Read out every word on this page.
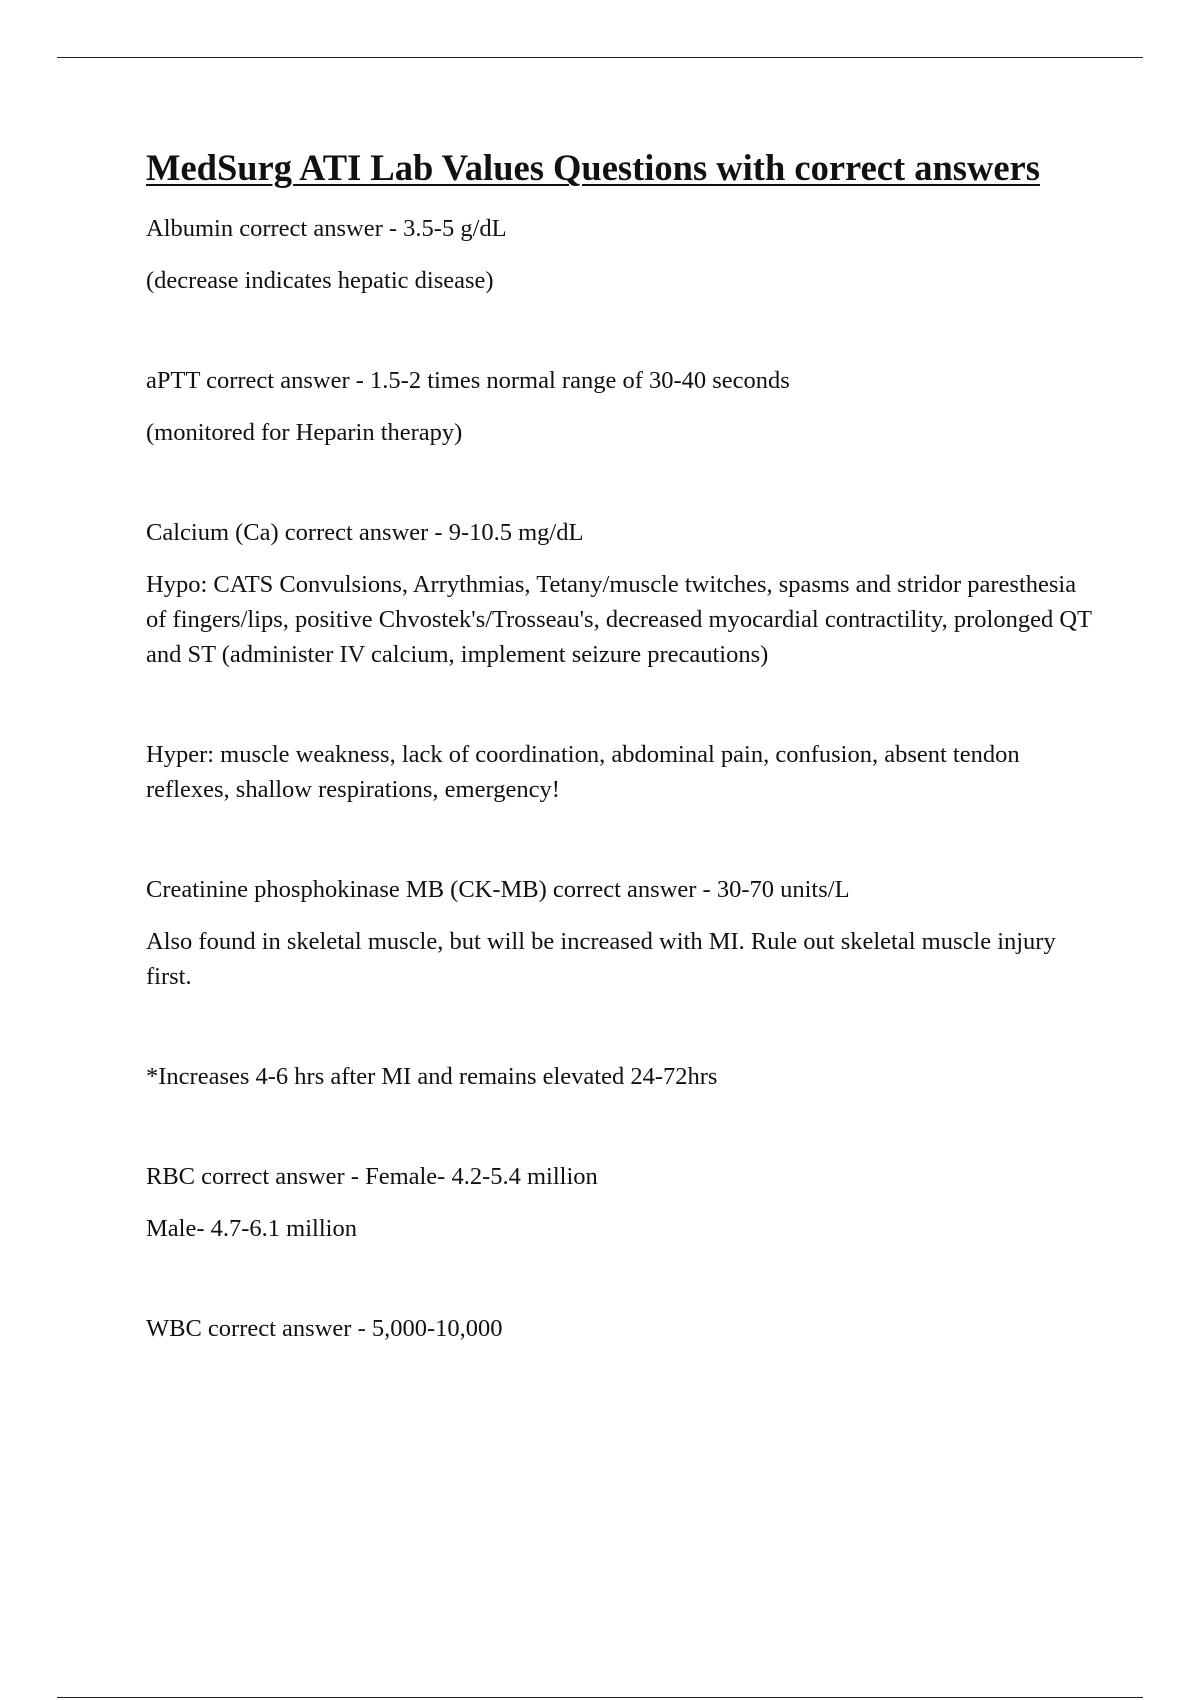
MedSurg ATI Lab Values Questions with correct answers

Albumin correct answer - 3.5-5 g/dL

(decrease indicates hepatic disease)

aPTT correct answer - 1.5-2 times normal range of 30-40 seconds

(monitored for Heparin therapy)

Calcium (Ca) correct answer - 9-10.5 mg/dL

Hypo: CATS Convulsions, Arrythmias, Tetany/muscle twitches, spasms and stridor paresthesia of fingers/lips, positive Chvostek's/Trosseau's, decreased myocardial contractility, prolonged QT and ST (administer IV calcium, implement seizure precautions)

Hyper: muscle weakness, lack of coordination, abdominal pain, confusion, absent tendon reflexes, shallow respirations, emergency!

Creatinine phosphokinase MB (CK-MB) correct answer - 30-70 units/L

Also found in skeletal muscle, but will be increased with MI. Rule out skeletal muscle injury first.

*Increases 4-6 hrs after MI and remains elevated 24-72hrs

RBC correct answer - Female- 4.2-5.4 million

Male- 4.7-6.1 million

WBC correct answer - 5,000-10,000
